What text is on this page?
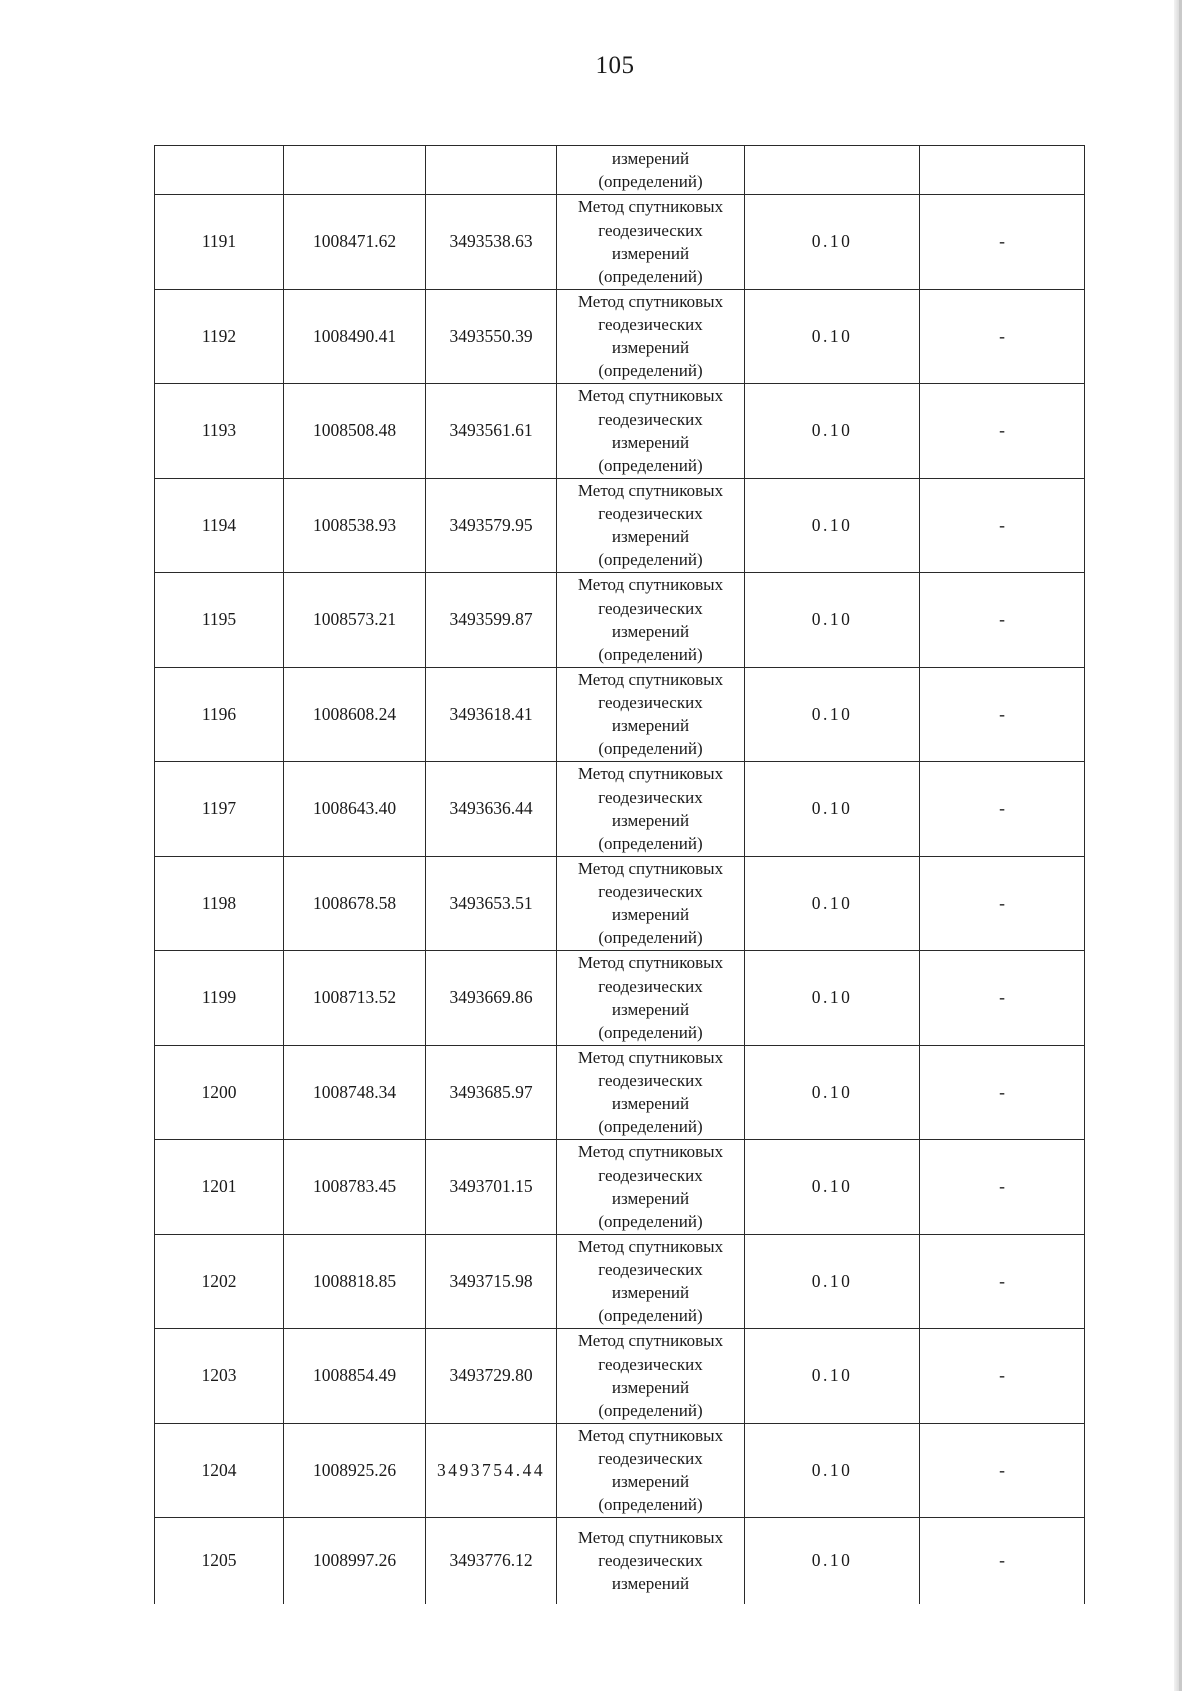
105
			измерений (определений)		
1191	1008471.62	3493538.63	Метод спутниковых геодезических измерений (определений)	0.10	-
1192	1008490.41	3493550.39	Метод спутниковых геодезических измерений (определений)	0.10	-
1193	1008508.48	3493561.61	Метод спутниковых геодезических измерений (определений)	0.10	-
1194	1008538.93	3493579.95	Метод спутниковых геодезических измерений (определений)	0.10	-
1195	1008573.21	3493599.87	Метод спутниковых геодезических измерений (определений)	0.10	-
1196	1008608.24	3493618.41	Метод спутниковых геодезических измерений (определений)	0.10	-
1197	1008643.40	3493636.44	Метод спутниковых геодезических измерений (определений)	0.10	-
1198	1008678.58	3493653.51	Метод спутниковых геодезических измерений (определений)	0.10	-
1199	1008713.52	3493669.86	Метод спутниковых геодезических измерений (определений)	0.10	-
1200	1008748.34	3493685.97	Метод спутниковых геодезических измерений (определений)	0.10	-
1201	1008783.45	3493701.15	Метод спутниковых геодезических измерений (определений)	0.10	-
1202	1008818.85	3493715.98	Метод спутниковых геодезических измерений (определений)	0.10	-
1203	1008854.49	3493729.80	Метод спутниковых геодезических измерений (определений)	0.10	-
1204	1008925.26	3493754.44	Метод спутниковых геодезических измерений (определений)	0.10	-
1205	1008997.26	3493776.12	Метод спутниковых геодезических измерений	0.10	-
